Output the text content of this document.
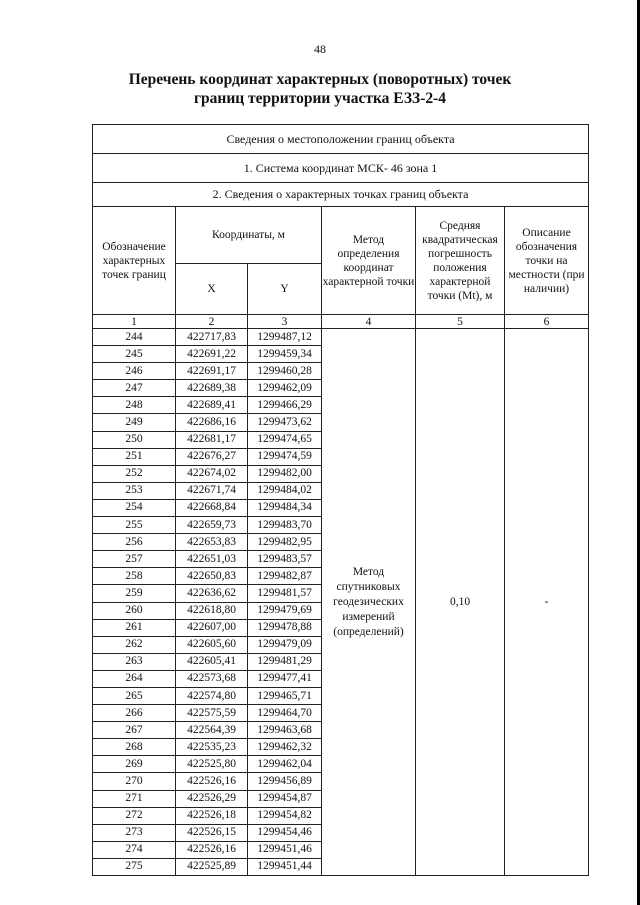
48
Перечень координат характерных (поворотных) точек
границ территории участка ЕЗЗ-2-4
Сведения о местоположении границ объекта					
1. Система координат МСК- 46 зона 1					
2. Сведения о характерных точках границ объекта					
Обозначение характерных точек границ	Координаты, м		Метод определения координат характерной точки	Средняя квадратическая погрешность положения характерной точки (Mt), м	Описание обозначения точки на местности (при наличии)
	X	Y			
1	2	3	4	5	6
244	422717,83	1299487,12	Метод спутниковых геодезических измерений (определений)	0,10	-
245	422691,22	1299459,34			
246	422691,17	1299460,28			
247	422689,38	1299462,09			
248	422689,41	1299466,29			
249	422686,16	1299473,62			
250	422681,17	1299474,65			
251	422676,27	1299474,59			
252	422674,02	1299482,00			
253	422671,74	1299484,02			
254	422668,84	1299484,34			
255	422659,73	1299483,70			
256	422653,83	1299482,95			
257	422651,03	1299483,57			
258	422650,83	1299482,87			
259	422636,62	1299481,57			
260	422618,80	1299479,69			
261	422607,00	1299478,88			
262	422605,60	1299479,09			
263	422605,41	1299481,29			
264	422573,68	1299477,41			
265	422574,80	1299465,71			
266	422575,59	1299464,70			
267	422564,39	1299463,68			
268	422535,23	1299462,32			
269	422525,80	1299462,04			
270	422526,16	1299456,89			
271	422526,29	1299454,87			
272	422526,18	1299454,82			
273	422526,15	1299454,46			
274	422526,16	1299451,46			
275	422525,89	1299451,44			
